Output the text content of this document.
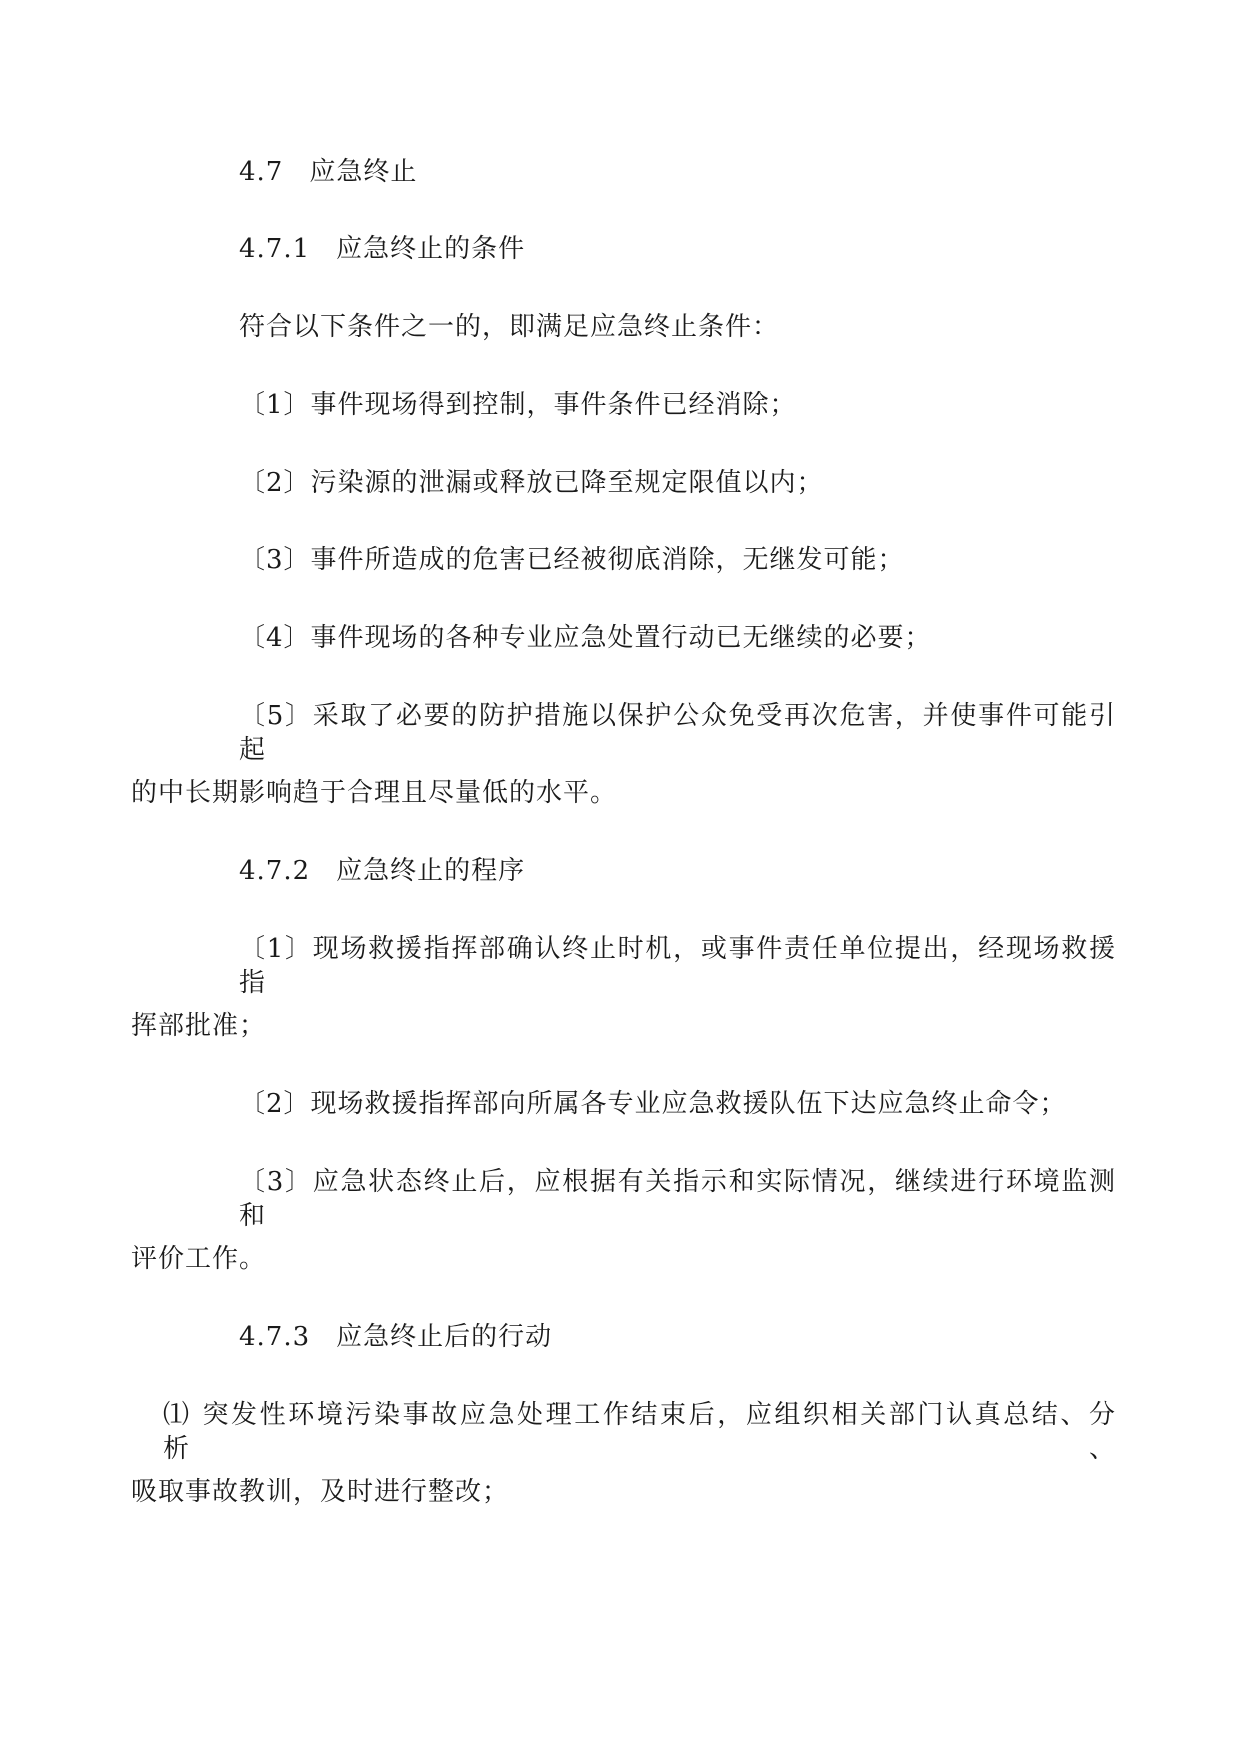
4.7 应急终止
4.7.1 应急终止的条件
符合以下条件之一的，即满足应急终止条件：
〔1〕事件现场得到控制，事件条件已经消除；
〔2〕污染源的泄漏或释放已降至规定限值以内；
〔3〕事件所造成的危害已经被彻底消除，无继发可能；
〔4〕事件现场的各种专业应急处置行动已无继续的必要；
〔5〕采取了必要的防护措施以保护公众免受再次危害，并使事件可能引起
的中长期影响趋于合理且尽量低的水平。
4.7.2 应急终止的程序
〔1〕现场救援指挥部确认终止时机，或事件责任单位提出，经现场救援指
挥部批准；
〔2〕现场救援指挥部向所属各专业应急救援队伍下达应急终止命令；
〔3〕应急状态终止后，应根据有关指示和实际情况，继续进行环境监测和
评价工作。
4.7.3 应急终止后的行动
⑴ 突发性环境污染事故应急处理工作结束后，应组织相关部门认真总结、分析、
吸取事故教训，及时进行整改；
